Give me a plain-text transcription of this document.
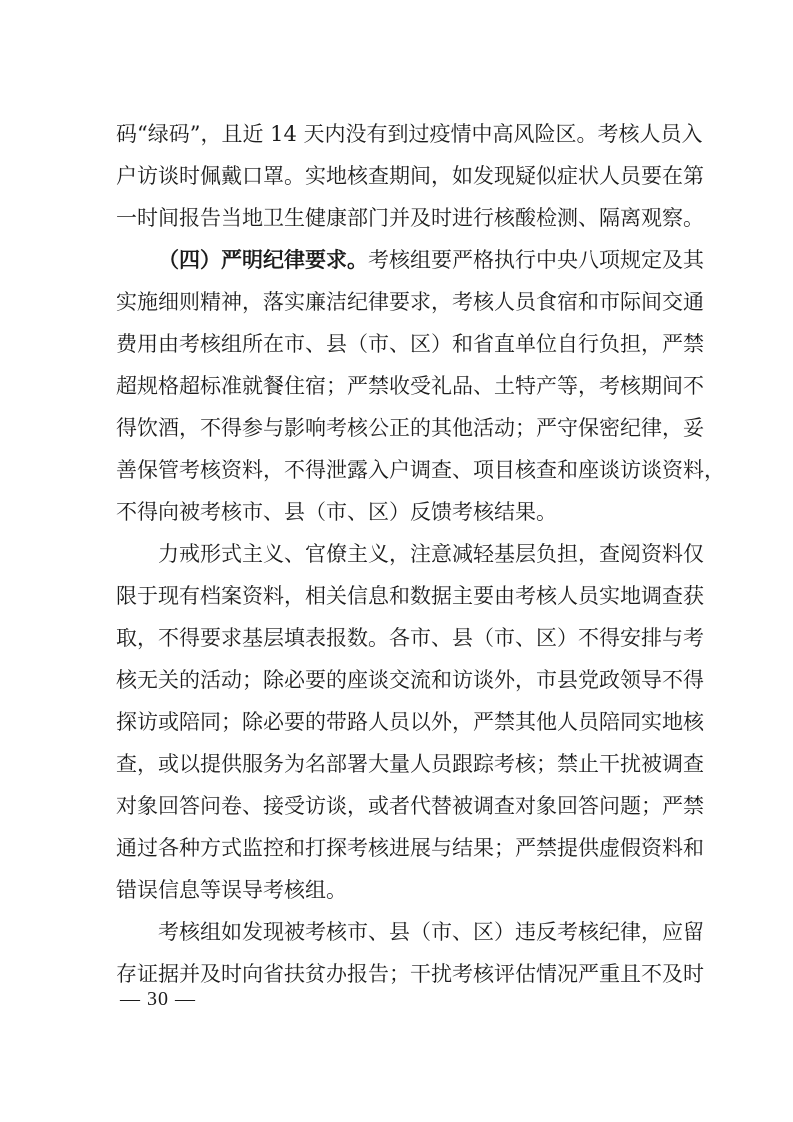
码“绿码”，且近 14 天内没有到过疫情中高风险区。考核人员入
户访谈时佩戴口罩。实地核查期间，如发现疑似症状人员要在第
一时间报告当地卫生健康部门并及时进行核酸检测、隔离观察。
（四）严明纪律要求。考核组要严格执行中央八项规定及其
实施细则精神，落实廉洁纪律要求，考核人员食宿和市际间交通
费用由考核组所在市、县（市、区）和省直单位自行负担，严禁
超规格超标准就餐住宿；严禁收受礼品、土特产等，考核期间不
得饮酒，不得参与影响考核公正的其他活动；严守保密纪律，妥
善保管考核资料，不得泄露入户调查、项目核查和座谈访谈资料，
不得向被考核市、县（市、区）反馈考核结果。
力戒形式主义、官僚主义，注意减轻基层负担，查阅资料仅
限于现有档案资料，相关信息和数据主要由考核人员实地调查获
取，不得要求基层填表报数。各市、县（市、区）不得安排与考
核无关的活动；除必要的座谈交流和访谈外，市县党政领导不得
探访或陪同；除必要的带路人员以外，严禁其他人员陪同实地核
查，或以提供服务为名部署大量人员跟踪考核；禁止干扰被调查
对象回答问卷、接受访谈，或者代替被调查对象回答问题；严禁
通过各种方式监控和打探考核进展与结果；严禁提供虚假资料和
错误信息等误导考核组。
考核组如发现被考核市、县（市、区）违反考核纪律，应留
存证据并及时向省扶贫办报告；干扰考核评估情况严重且不及时
— 30 —
